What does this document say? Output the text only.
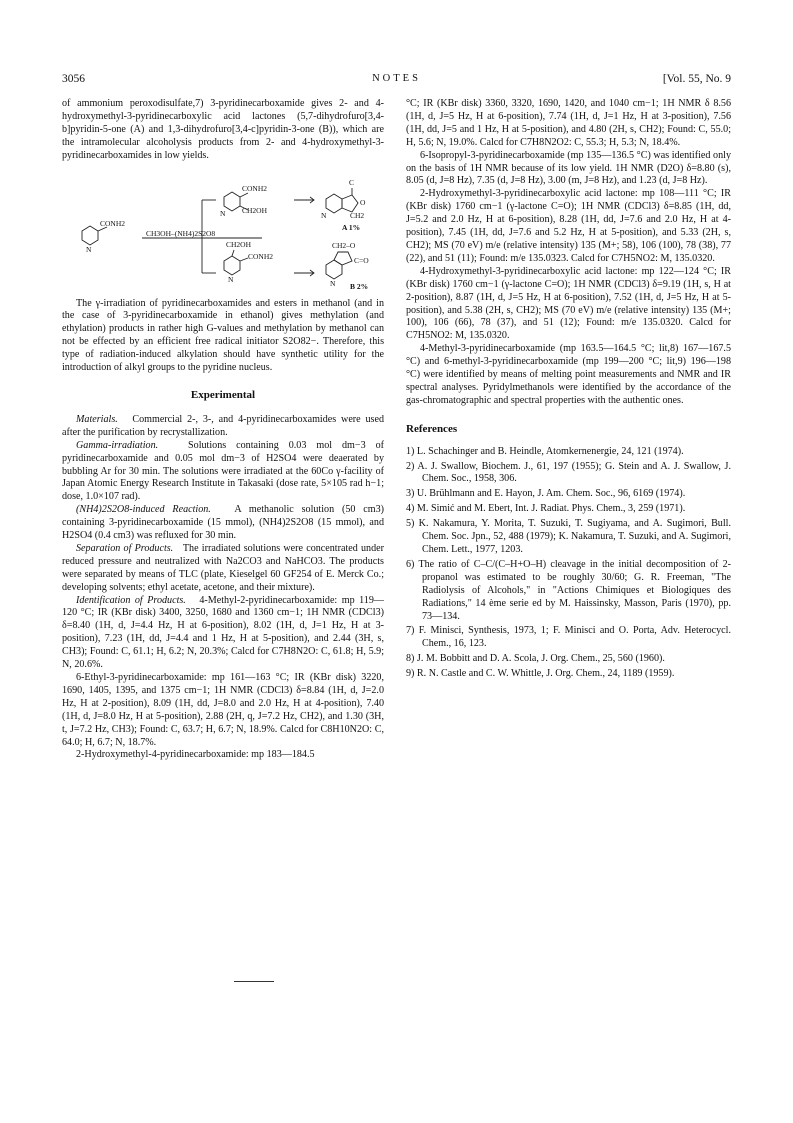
3056	NOTES	[Vol. 55, No. 9

of ammonium peroxodisulfate,7) 3-pyridinecarboxamide gives 2- and 4-hydroxymethyl-3-pyridinecarboxylic acid lactones (5,7-dihydrofuro[3,4-b]pyridin-5-one (A) and 1,3-dihydrofuro[3,4-c]pyridin-3-one (B)), which are the intramolecular alcoholysis products from 2- and 4-hydroxymethyl-3-pyridinecarboxamides in low yields.

CONH2
N
CH3OH–(NH4)2S2O8
CONH2
CH2OH
N
C
O
CH2
N
A 1%
CH2OH
CONH2
N
CH2–O
C=O
N B 2%

The γ-irradiation of pyridinecarboxamides and esters in methanol (and in the case of 3-pyridinecarboxamide in ethanol) gives methylation (and ethylation) products in rather high G-values and methylation by methanol can not be effected by an efficient free radical initiator S2O82−. Therefore, this type of radiation-induced alkylation should have synthetic utility for the introduction of alkyl groups to the pyridine nucleus.

Experimental

Materials. Commercial 2-, 3-, and 4-pyridinecarboxamides were used after the purification by recrystallization.

Gamma-irradiation.	Solutions containing 0.03 mol dm−3 of pyridinecarboxamide and 0.05 mol dm−3 of H2SO4 were deaerated by bubbling Ar for 30 min. The solutions were irradiated at the 60Co γ-facility of Japan Atomic Energy Research Institute in Takasaki (dose rate, 5×105 rad h−1; dose, 1.0×107 rad).

(NH4)2S2O8-induced Reaction. A methanolic solution (50 cm3) containing 3-pyridinecarboxamide (15 mmol), (NH4)2S2O8 (15 mmol), and H2SO4 (0.4 cm3) was refluxed for 30 min.

Separation of Products. The irradiated solutions were concentrated under reduced pressure and neutralized with Na2CO3 and NaHCO3. The products were separated by means of TLC (plate, Kieselgel 60 GF254 of E. Merck Co.; developing solvents; ethyl acetate, acetone, and their mixture).

Identification of Products. 4-Methyl-2-pyridinecarboxamide: mp 119—120 °C; IR (KBr disk) 3400, 3250, 1680 and 1360 cm−1; 1H NMR (CDCl3) δ=8.40 (1H, d, J=4.4 Hz, H at 6-position), 8.02 (1H, d, J=1 Hz, H at 3-position), 7.23 (1H, dd, J=4.4 and 1 Hz, H at 5-position), and 2.44 (3H, s, CH3); Found: C, 61.1; H, 6.2; N, 20.3%; Calcd for C7H8N2O: C, 61.8; H, 5.9; N, 20.6%.

6-Ethyl-3-pyridinecarboxamide: mp 161—163 °C; IR (KBr disk) 3220, 1690, 1405, 1395, and 1375 cm−1; 1H NMR (CDCl3) δ=8.84 (1H, d, J=2.0 Hz, H at 2-position), 8.09 (1H, dd, J=8.0 and 2.0 Hz, H at 4-position), 7.40 (1H, d, J=8.0 Hz, H at 5-position), 2.88 (2H, q, J=7.2 Hz, CH2), and 1.30 (3H, t, J=7.2 Hz, CH3); Found: C, 63.7; H, 6.7; N, 18.9%. Calcd for C8H10N2O: C, 64.0; H, 6.7; N, 18.7%.

2-Hydroxymethyl-4-pyridinecarboxamide: mp 183—184.5

°C; IR (KBr disk) 3360, 3320, 1690, 1420, and 1040 cm−1; 1H NMR δ 8.56 (1H, d, J=5 Hz, H at 6-position), 7.74 (1H, d, J=1 Hz, H at 3-position), 7.56 (1H, dd, J=5 and 1 Hz, H at 5-position), and 4.80 (2H, s, CH2); Found: C, 55.0; H, 5.6; N, 19.0%. Calcd for C7H8N2O2: C, 55.3; H, 5.3; N, 18.4%.

6-Isopropyl-3-pyridinecarboxamide (mp 135—136.5 °C) was identified only on the basis of 1H NMR because of its low yield. 1H NMR (D2O) δ=8.80 (s), 8.05 (d, J=8 Hz), 7.35 (d, J=8 Hz), 3.00 (m, J=8 Hz), and 1.23 (d, J=8 Hz).

2-Hydroxymethyl-3-pyridinecarboxylic acid lactone: mp 108—111 °C; IR (KBr disk) 1760 cm−1 (γ-lactone C=O); 1H NMR (CDCl3) δ=8.85 (1H, dd, J=5.2 and 2.0 Hz, H at 6-position), 8.28 (1H, dd, J=7.6 and 2.0 Hz, H at 4-position), 7.45 (1H, dd, J=7.6 and 5.2 Hz, H at 5-position), and 5.33 (2H, s, CH2); MS (70 eV) m/e (relative intensity) 135 (M+; 58), 106 (100), 78 (38), 77 (22), and 51 (11); Found: m/e 135.0323. Calcd for C7H5NO2: M, 135.0320.

4-Hydroxymethyl-3-pyridinecarboxylic acid lactone: mp 122—124 °C; IR (KBr disk) 1760 cm−1 (γ-lactone C=O); 1H NMR (CDCl3) δ=9.19 (1H, s, H at 2-position), 8.87 (1H, d, J=5 Hz, H at 6-position), 7.52 (1H, d, J=5 Hz, H at 5-position), and 5.38 (2H, s, CH2); MS (70 eV) m/e (relative intensity) 135 (M+; 100), 106 (66), 78 (37), and 51 (12); Found: m/e 135.0320. Calcd for C7H5NO2: M, 135.0320.

4-Methyl-3-pyridinecarboxamide (mp 163.5—164.5 °C; lit,8) 167—167.5 °C) and 6-methyl-3-pyridinecarboxamide (mp 199—200 °C; lit,9) 196—198 °C) were identified by means of melting point measurements and NMR and IR spectral analyses. Pyridylmethanols were identified by the accordance of the gas-chromatographic and spectral properties with the authentic ones.

References

1) L. Schachinger and B. Heindle, Atomkernenergie, 24, 121 (1974).

2) A. J. Swallow, Biochem. J., 61, 197 (1955); G. Stein and A. J. Swallow, J. Chem. Soc., 1958, 306.

3) U. Brühlmann and E. Hayon, J. Am. Chem. Soc., 96, 6169 (1974).

4) M. Simić and M. Ebert, Int. J. Radiat. Phys. Chem., 3, 259 (1971).

5) K. Nakamura, Y. Morita, T. Suzuki, T. Sugiyama, and A. Sugimori, Bull. Chem. Soc. Jpn., 52, 488 (1979); K. Nakamura, T. Suzuki, and A. Sugimori, Chem. Lett., 1977, 1203.

6) The ratio of C–C/(C–H+O–H) cleavage in the initial decomposition of 2-propanol was estimated to be roughly 30/60; G. R. Freeman, "The Radiolysis of Alcohols," in "Actions Chimiques et Biologiques des Radiations," 14 ème serie ed by M. Haissinsky, Masson, Paris (1970), pp. 73—134.

7) F. Minisci, Synthesis, 1973, 1; F. Minisci and O. Porta, Adv. Heterocycl. Chem., 16, 123.

8) J. M. Bobbitt and D. A. Scola, J. Org. Chem., 25, 560 (1960).

9) R. N. Castle and C. W. Whittle, J. Org. Chem., 24, 1189 (1959).
